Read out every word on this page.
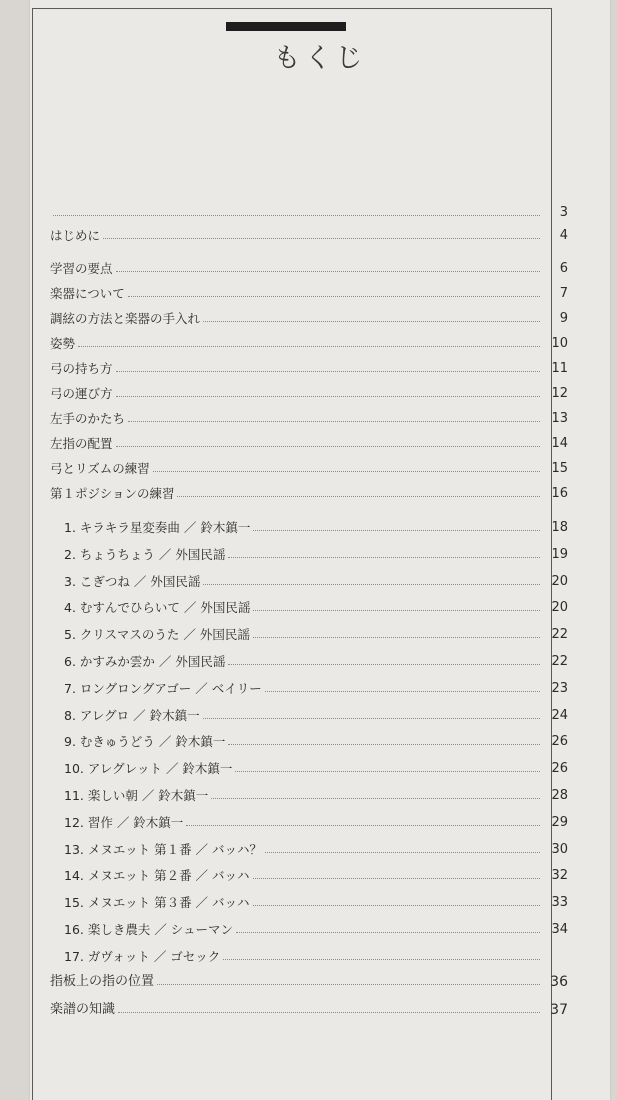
もくじ
3
はじめに	4
学習の要点	6
楽器について	7
調絃の方法と楽器の手入れ	9
姿勢	10
弓の持ち方	11
弓の運び方	12
左手のかたち	13
左指の配置	14
弓とリズムの練習	15
第１ポジションの練習	16
1. キラキラ星変奏曲 ／ 鈴木鎮一	18
2. ちょうちょう ／ 外国民謡	19
3. こぎつね ／ 外国民謡	20
4. むすんでひらいて ／ 外国民謡	20
5. クリスマスのうた ／ 外国民謡	22
6. かすみか雲か ／ 外国民謡	22
7. ロングロングアゴー ／ ベイリー	23
8. アレグロ ／ 鈴木鎮一	24
9. むきゅうどう ／ 鈴木鎮一	26
10. アレグレット ／ 鈴木鎮一	26
11. 楽しい朝 ／ 鈴木鎮一	28
12. 習作 ／ 鈴木鎮一	29
13. メヌエット 第１番 ／ バッハ？	30
14. メヌエット 第２番 ／ バッハ	32
15. メヌエット 第３番 ／ バッハ	33
16. 楽しき農夫 ／ シューマン	34
17. ガヴォット ／ ゴセック
指板上の指の位置	36
楽譜の知識	37
